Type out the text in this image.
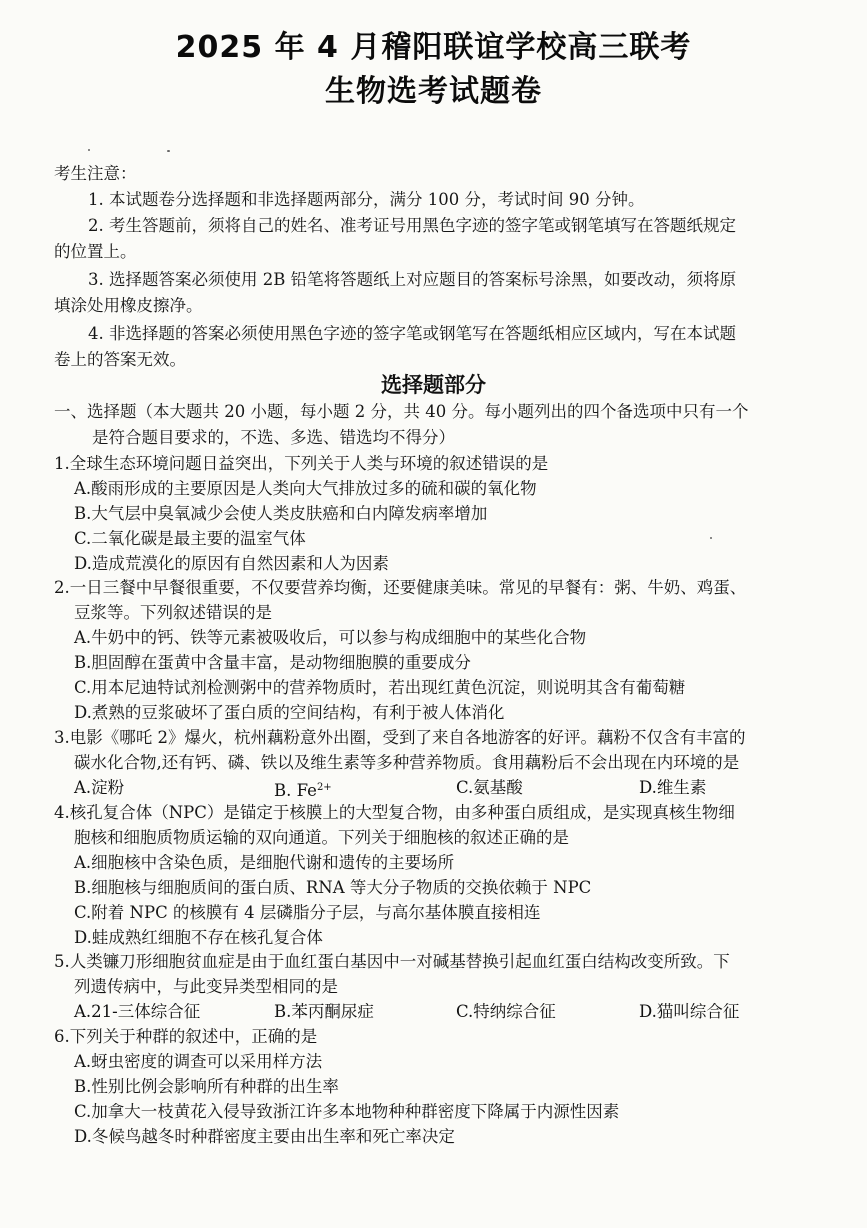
2025 年 4 月稽阳联谊学校高三联考
生物选考试题卷
考生注意：
1. 本试题卷分选择题和非选择题两部分，满分 100 分，考试时间 90 分钟。
2. 考生答题前，须将自己的姓名、准考证号用黑色字迹的签字笔或钢笔填写在答题纸规定
的位置上。
3. 选择题答案必须使用 2B 铅笔将答题纸上对应题目的答案标号涂黑，如要改动，须将原
填涂处用橡皮擦净。
4. 非选择题的答案必须使用黑色字迹的签字笔或钢笔写在答题纸相应区域内，写在本试题
卷上的答案无效。
选择题部分
一、选择题（本大题共 20 小题，每小题 2 分，共 40 分。每小题列出的四个备选项中只有一个
是符合题目要求的，不选、多选、错选均不得分）
1.全球生态环境问题日益突出，下列关于人类与环境的叙述错误的是
A.酸雨形成的主要原因是人类向大气排放过多的硫和碳的氧化物
B.大气层中臭氧减少会使人类皮肤癌和白内障发病率增加
C.二氧化碳是最主要的温室气体
D.造成荒漠化的原因有自然因素和人为因素
2.一日三餐中早餐很重要，不仅要营养均衡，还要健康美味。常见的早餐有：粥、牛奶、鸡蛋、
豆浆等。下列叙述错误的是
A.牛奶中的钙、铁等元素被吸收后，可以参与构成细胞中的某些化合物
B.胆固醇在蛋黄中含量丰富，是动物细胞膜的重要成分
C.用本尼迪特试剂检测粥中的营养物质时，若出现红黄色沉淀，则说明其含有葡萄糖
D.煮熟的豆浆破坏了蛋白质的空间结构，有利于被人体消化
3.电影《哪吒 2》爆火，杭州藕粉意外出圈，受到了来自各地游客的好评。藕粉不仅含有丰富的
碳水化合物,还有钙、磷、铁以及维生素等多种营养物质。食用藕粉后不会出现在内环境的是
A.淀粉	B. $Fe^{2+}$	C.氨基酸	D.维生素
4.核孔复合体（NPC）是锚定于核膜上的大型复合物，由多种蛋白质组成，是实现真核生物细
胞核和细胞质物质运输的双向通道。下列关于细胞核的叙述正确的是
A.细胞核中含染色质，是细胞代谢和遗传的主要场所
B.细胞核与细胞质间的蛋白质、RNA 等大分子物质的交换依赖于 NPC
C.附着 NPC 的核膜有 4 层磷脂分子层，与高尔基体膜直接相连
D.蛙成熟红细胞不存在核孔复合体
5.人类镰刀形细胞贫血症是由于血红蛋白基因中一对碱基替换引起血红蛋白结构改变所致。下
列遗传病中，与此变异类型相同的是
A.21-三体综合征	B.苯丙酮尿症	C.特纳综合征	D.猫叫综合征
6.下列关于种群的叙述中，正确的是
A.蚜虫密度的调查可以采用样方法
B.性别比例会影响所有种群的出生率
C.加拿大一枝黄花入侵导致浙江许多本地物种种群密度下降属于内源性因素
D.冬候鸟越冬时种群密度主要由出生率和死亡率决定
